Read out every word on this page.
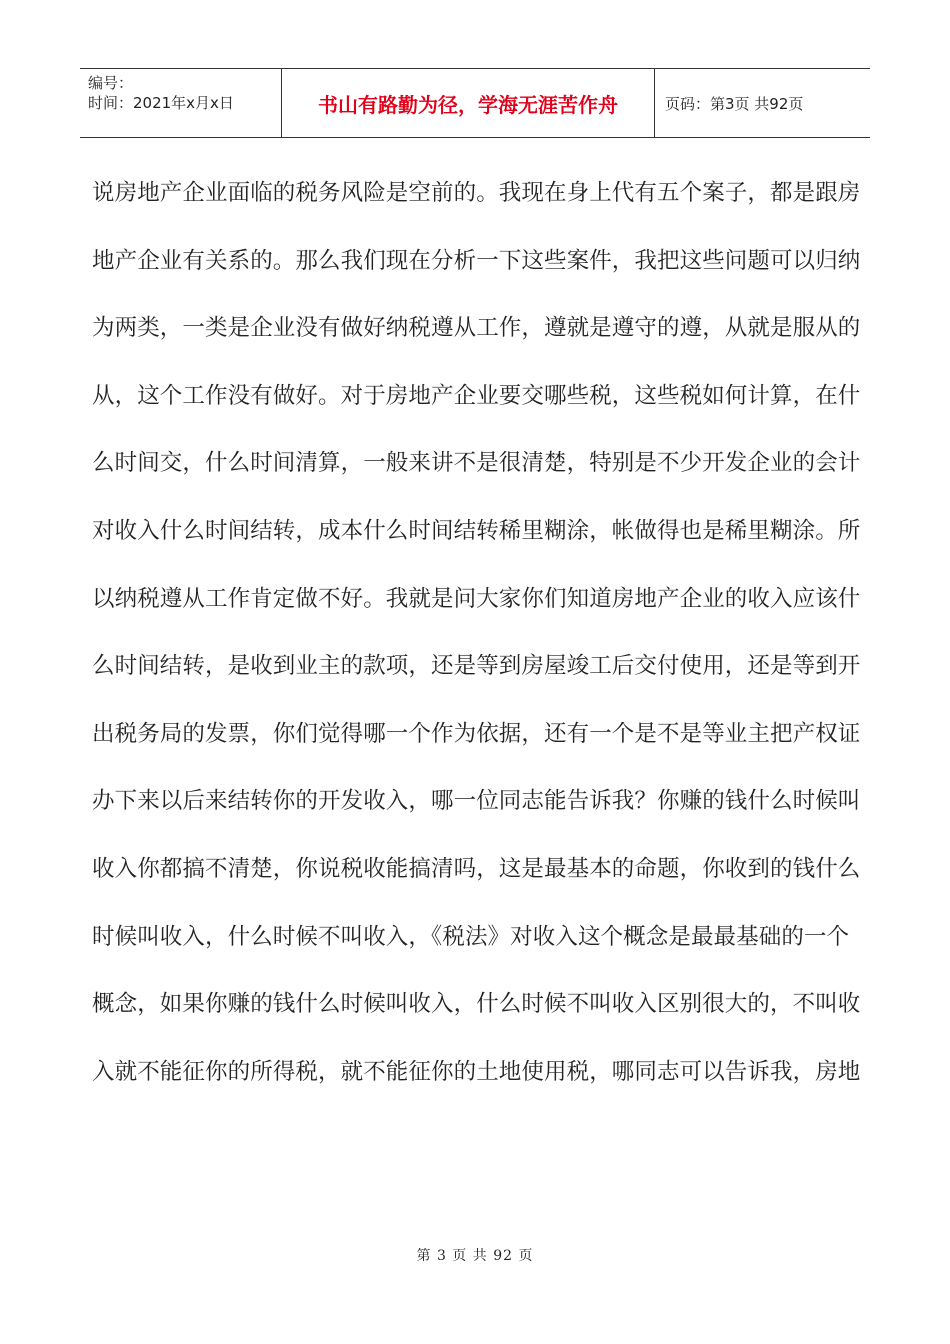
编号：
时间：2021年x月x日	书山有路勤为径，学海无涯苦作舟	页码：第3页 共92页
说房地产企业面临的税务风险是空前的。我现在身上代有五个案子，都是跟房
地产企业有关系的。那么我们现在分析一下这些案件，我把这些问题可以归纳
为两类，一类是企业没有做好纳税遵从工作，遵就是遵守的遵，从就是服从的
从，这个工作没有做好。对于房地产企业要交哪些税，这些税如何计算，在什
么时间交，什么时间清算，一般来讲不是很清楚，特别是不少开发企业的会计
对收入什么时间结转，成本什么时间结转稀里糊涂，帐做得也是稀里糊涂。所
以纳税遵从工作肯定做不好。我就是问大家你们知道房地产企业的收入应该什
么时间结转，是收到业主的款项，还是等到房屋竣工后交付使用，还是等到开
出税务局的发票，你们觉得哪一个作为依据，还有一个是不是等业主把产权证
办下来以后来结转你的开发收入，哪一位同志能告诉我？你赚的钱什么时候叫
收入你都搞不清楚，你说税收能搞清吗，这是最基本的命题，你收到的钱什么
时候叫收入，什么时候不叫收入，《税法》对收入这个概念是最最基础的一个
概念，如果你赚的钱什么时候叫收入，什么时候不叫收入区别很大的，不叫收
入就不能征你的所得税，就不能征你的土地使用税，哪同志可以告诉我，房地
第 3 页 共 92 页
